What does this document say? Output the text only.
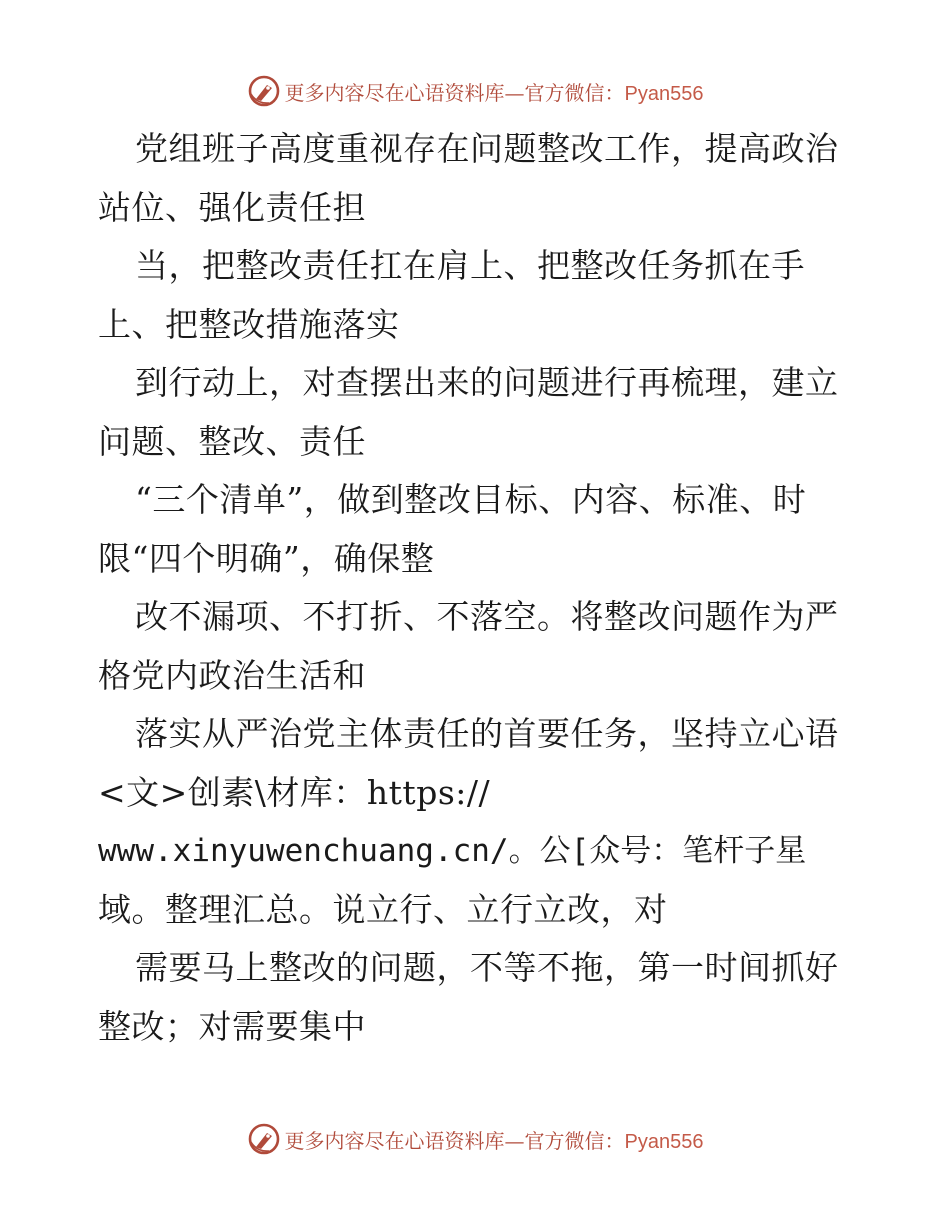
更多内容尽在心语资料库—官方微信：Pyan556
党组班子高度重视存在问题整改工作，提高政治
站位、强化责任担
当，把整改责任扛在肩上、把整改任务抓在手
上、把整改措施落实
到行动上，对查摆出来的问题进行再梳理，建立
问题、整改、责任
“三个清单”，做到整改目标、内容、标准、时
限“四个明确”，确保整
改不漏项、不打折、不落空。将整改问题作为严
格党内政治生活和
落实从严治党主体责任的首要任务，坚持立心语
<文>创素\材库：https://
www.xinyuwenchuang.cn/。公[众号：笔杆子星
域。整理汇总。说立行、立行立改，对
需要马上整改的问题，不等不拖，第一时间抓好
整改；对需要集中
更多内容尽在心语资料库—官方微信：Pyan556
